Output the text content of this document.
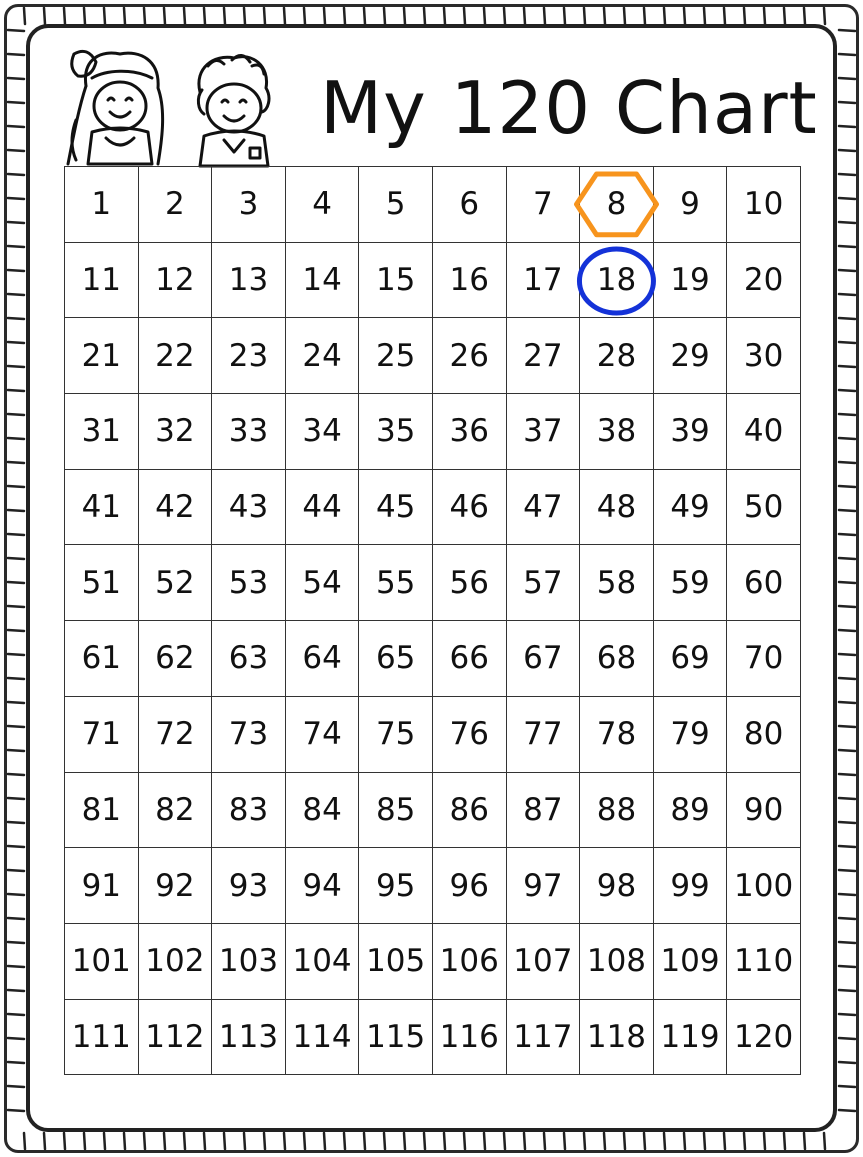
My 120 Chart
1	2	3	4	5	6	7	8	9	10
11	12	13	14	15	16	17	18	19	20
21	22	23	24	25	26	27	28	29	30
31	32	33	34	35	36	37	38	39	40
41	42	43	44	45	46	47	48	49	50
51	52	53	54	55	56	57	58	59	60
61	62	63	64	65	66	67	68	69	70
71	72	73	74	75	76	77	78	79	80
81	82	83	84	85	86	87	88	89	90
91	92	93	94	95	96	97	98	99	100
101	102	103	104	105	106	107	108	109	110
111	112	113	114	115	116	117	118	119	120
